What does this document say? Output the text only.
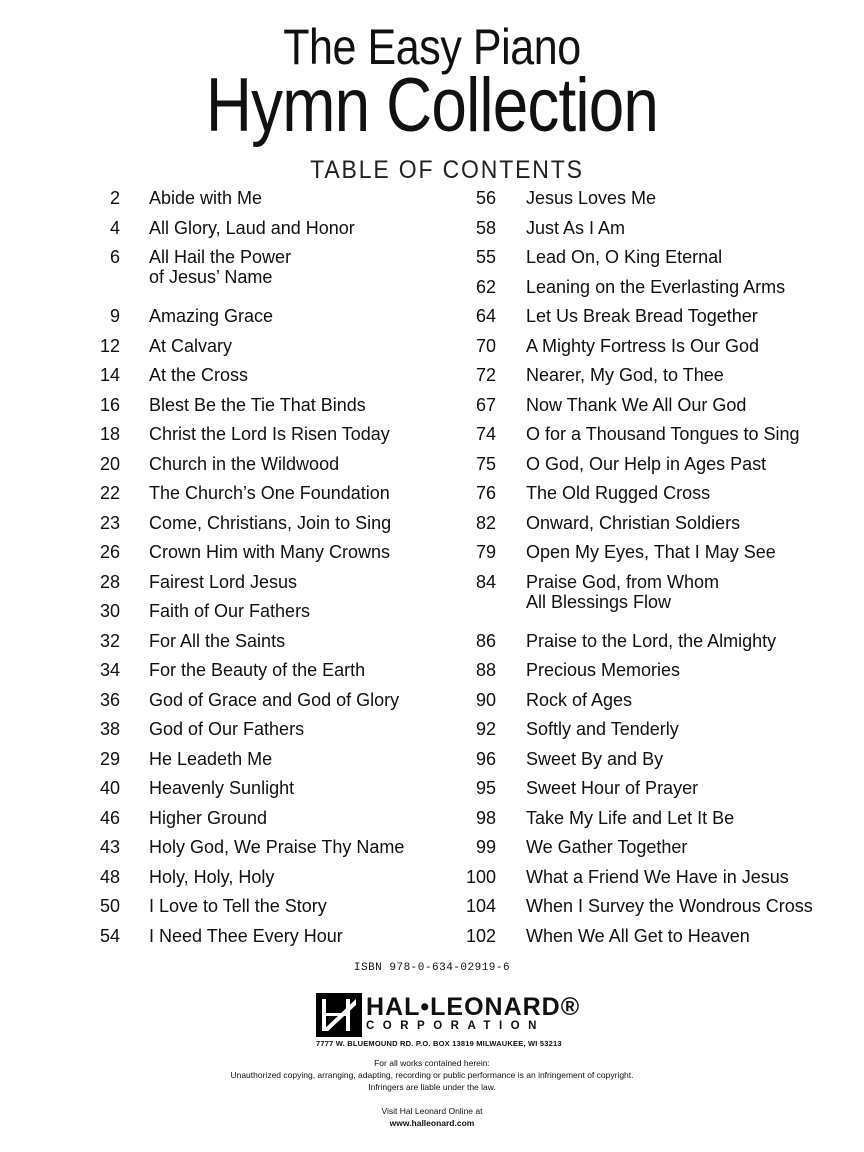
The Easy Piano
Hymn Collection
TABLE OF CONTENTS
2 Abide with Me
4 All Glory, Laud and Honor
6 All Hail the Power
of Jesus’ Name
9 Amazing Grace
12 At Calvary
14 At the Cross
16 Blest Be the Tie That Binds
18 Christ the Lord Is Risen Today
20 Church in the Wildwood
22 The Church’s One Foundation
23 Come, Christians, Join to Sing
26 Crown Him with Many Crowns
28 Fairest Lord Jesus
30 Faith of Our Fathers
32 For All the Saints
34 For the Beauty of the Earth
36 God of Grace and God of Glory
38 God of Our Fathers
29 He Leadeth Me
40 Heavenly Sunlight
46 Higher Ground
43 Holy God, We Praise Thy Name
48 Holy, Holy, Holy
50 I Love to Tell the Story
54 I Need Thee Every Hour
56 Jesus Loves Me
58 Just As I Am
55 Lead On, O King Eternal
62 Leaning on the Everlasting Arms
64 Let Us Break Bread Together
70 A Mighty Fortress Is Our God
72 Nearer, My God, to Thee
67 Now Thank We All Our God
74 O for a Thousand Tongues to Sing
75 O God, Our Help in Ages Past
76 The Old Rugged Cross
82 Onward, Christian Soldiers
79 Open My Eyes, That I May See
84 Praise God, from Whom
All Blessings Flow
86 Praise to the Lord, the Almighty
88 Precious Memories
90 Rock of Ages
92 Softly and Tenderly
96 Sweet By and By
95 Sweet Hour of Prayer
98 Take My Life and Let It Be
99 We Gather Together
100 What a Friend We Have in Jesus
104 When I Survey the Wondrous Cross
102 When We All Get to Heaven
ISBN 978-0-634-02919-6
HAL•LEONARD®
CORPORATION
7777 W. BLUEMOUND RD. P.O. BOX 13819 MILWAUKEE, WI 53213
For all works contained herein:
Unauthorized copying, arranging, adapting, recording or public performance is an infringement of copyright.
Infringers are liable under the law.
Visit Hal Leonard Online at
www.halleonard.com
